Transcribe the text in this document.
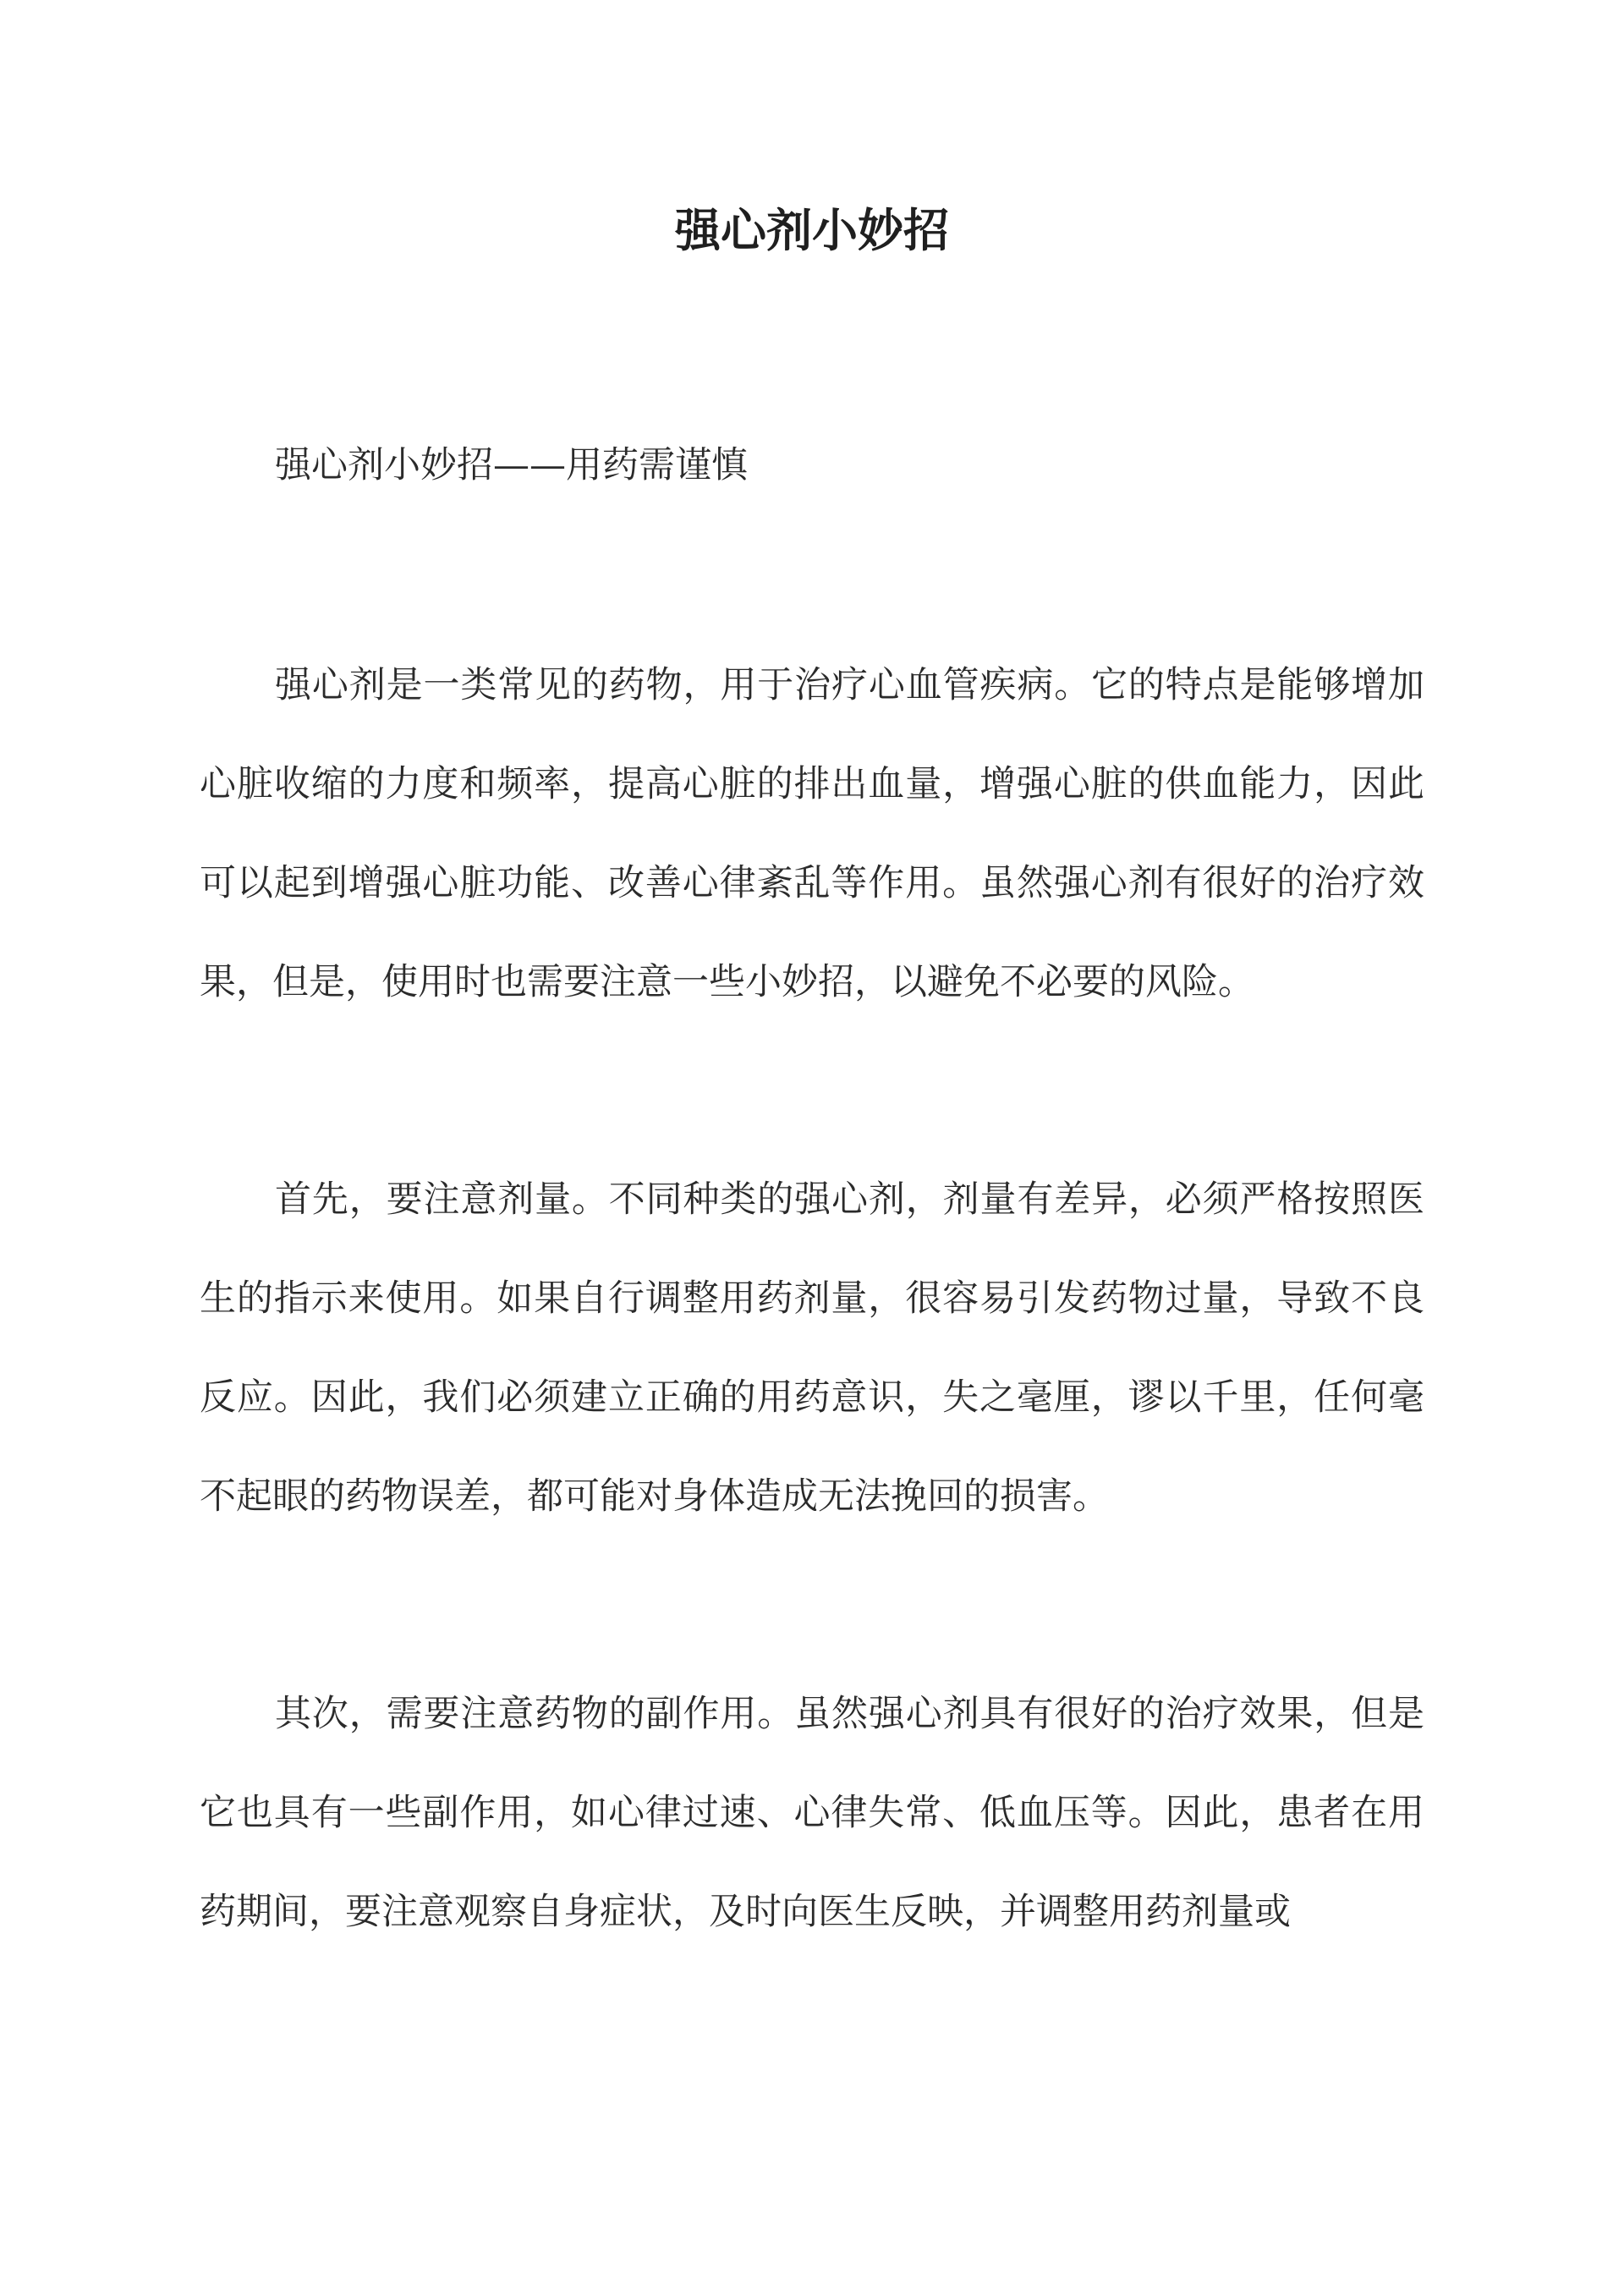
强心剂小妙招
强心剂小妙招——用药需谨慎

强心剂是一类常见的药物，用于治疗心血管疾病。它的特点是能够增加心脏收缩的力度和频率，提高心脏的排出血量，增强心脏的供血能力，因此可以起到增强心脏功能、改善心律紊乱等作用。虽然强心剂有很好的治疗效果，但是，使用时也需要注意一些小妙招，以避免不必要的风险。

首先，要注意剂量。不同种类的强心剂，剂量有差异，必须严格按照医生的指示来使用。如果自行调整用药剂量，很容易引发药物过量，导致不良反应。因此，我们必须建立正确的用药意识，失之毫厘，谬以千里，任何毫不起眼的药物误差，都可能对身体造成无法挽回的损害。

其次，需要注意药物的副作用。虽然强心剂具有很好的治疗效果，但是它也具有一些副作用，如心律过速、心律失常、低血压等。因此，患者在用药期间，要注意观察自身症状，及时向医生反映，并调整用药剂量或
